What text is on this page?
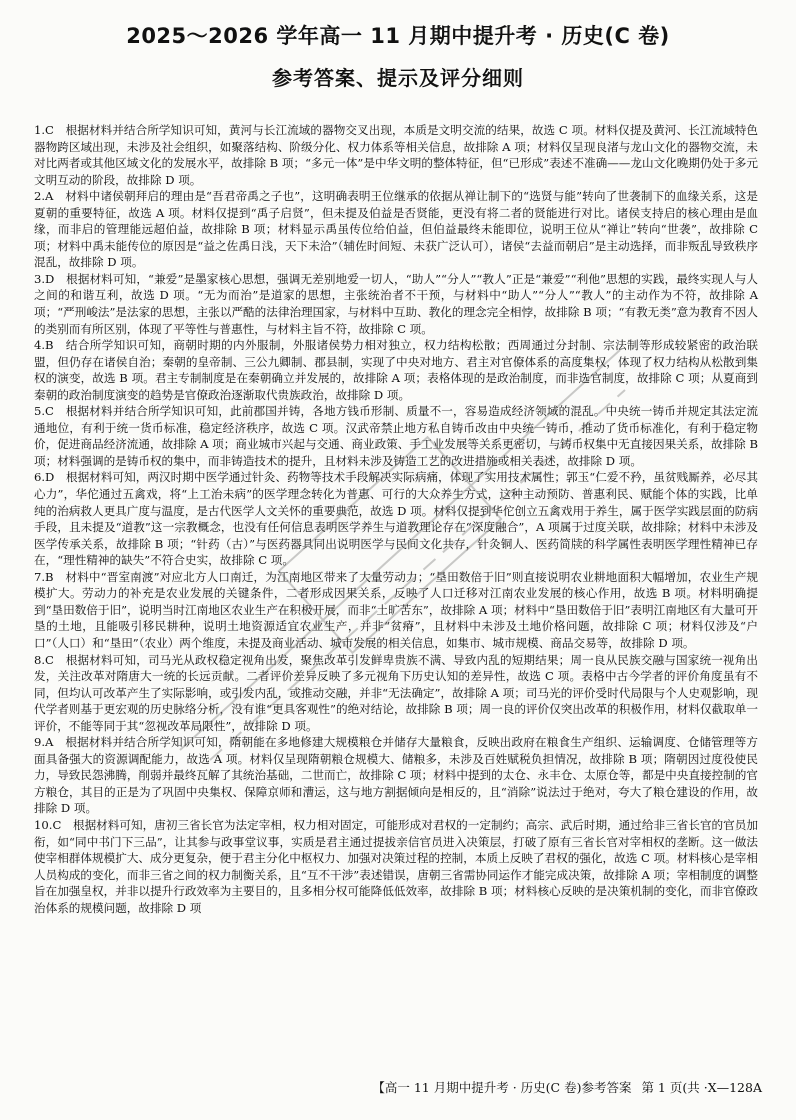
2025～2026 学年高一 11 月期中提升考 · 历史(C 卷)
参考答案、提示及评分细则

1.C　 根据材料并结合所学知识可知，黄河与长江流域的器物交叉出现，本质是文明交流的结果，故选 C 项。材料仅提及黄河、长江流域特色器物跨区域出现，未涉及社会组织，如聚落结构、阶级分化、权力体系等相关信息，故排除 A 项；材料仅呈现良渚与龙山文化的器物交流，未对比两者或其他区域文化的发展水平，故排除 B 项；“多元一体”是中华文明的整体特征，但“已形成”表述不准确——龙山文化晚期仍处于多元文明互动的阶段，故排除 D 项。

2.A　 材料中诸侯朝拜启的理由是“吾君帝禹之子也”，这明确表明王位继承的依据从禅让制下的“选贤与能”转向了世袭制下的血缘关系，这是夏朝的重要特征，故选 A 项。材料仅提到“禹子启贤”，但未提及伯益是否贤能，更没有将二者的贤能进行对比。诸侯支持启的核心理由是血缘，而非启的管理能远超伯益，故排除 B 项；材料显示禹虽传位给伯益，但伯益最终未能即位，说明王位从“禅让”转向“世袭”，故排除 C 项；材料中禹未能传位的原因是“益之佐禹日浅，天下未洽”（辅佐时间短、未获广泛认可），诸侯“去益而朝启”是主动选择，而非叛乱导致秩序混乱，故排除 D 项。

3.D　 根据材料可知，“兼爱”是墨家核心思想，强调无差别地爱一切人，“助人”“分人”“教人”正是“兼爱”“利他”思想的实践，最终实现人与人之间的和谐互利，故选 D 项。“无为而治”是道家的思想，主张统治者不干预，与材料中“助人”“分人”“教人”的主动作为不符，故排除 A 项；“严刑峻法”是法家的思想，主张以严酷的法律治理国家，与材料中互助、教化的理念完全相悖，故排除 B 项；“有教无类”意为教育不因人的类别而有所区别，体现了平等性与普惠性，与材料主旨不符，故排除 C 项。

4.B　 结合所学知识可知，商朝时期的内外服制，外服诸侯势力相对独立，权力结构松散；西周通过分封制、宗法制等形成较紧密的政治联盟，但仍存在诸侯自治；秦朝的皇帝制、三公九卿制、郡县制，实现了中央对地方、君主对官僚体系的高度集权，体现了权力结构从松散到集权的演变，故选 B 项。君主专制制度是在秦朝确立并发展的，故排除 A 项；表格体现的是政治制度，而非选官制度，故排除 C 项；从夏商到秦朝的政治制度演变的趋势是官僚政治逐渐取代贵族政治，故排除 D 项。

5.C　 根据材料并结合所学知识可知，此前郡国并铸，各地方钱币形制、质量不一，容易造成经济领域的混乱。中央统一铸币并规定其法定流通地位，有利于统一货币标准，稳定经济秩序，故选 C 项。汉武帝禁止地方私自铸币改由中央统一铸币，推动了货币标准化，有利于稳定物价，促进商品经济流通，故排除 A 项；商业城市兴起与交通、商业政策、手工业发展等关系更密切，与铸币权集中无直接因果关系，故排除 B 项；材料强调的是铸币权的集中，而非铸造技术的提升，且材料未涉及铸造工艺的改进措施或相关表述，故排除 D 项。

6.D　 根据材料可知，两汉时期中医学通过针灸、药物等技术手段解决实际病痛，体现了实用技术属性；郭玉“仁爱不矜，虽贫贱厮养，必尽其心力”，华佗通过五禽戏，将“上工治未病”的医学理念转化为普惠、可行的大众养生方式，这种主动预防、普惠利民、赋能个体的实践，比单纯的治病救人更具广度与温度，是古代医学人文关怀的重要典范，故选 D 项。材料仅提到华佗创立五禽戏用于养生，属于医学实践层面的防病手段，且未提及“道教”这一宗教概念，也没有任何信息表明医学养生与道教理论存在“深度融合”，A 项属于过度关联，故排除；材料中未涉及医学传承关系，故排除 B 项；“针药（古）”与医药器具同出说明医学与民间文化共存，针灸铜人、医药简牍的科学属性表明医学理性精神已存在，“理性精神的缺失”不符合史实，故排除 C 项。

7.B　 材料中“晋室南渡”对应北方人口南迁，为江南地区带来了大量劳动力；“垦田数倍于旧”则直接说明农业耕地面积大幅增加，农业生产规模扩大。劳动力的补充是农业发展的关键条件，二者形成因果关系，反映了人口迁移对江南农业发展的核心作用，故选 B 项。材料明确提到“垦田数倍于旧”，说明当时江南地区农业生产在积极开展，而非“土旷苦东”，故排除 A 项；材料中“垦田数倍于旧”表明江南地区有大量可开垦的土地，且能吸引移民耕种，说明土地资源适宜农业生产，并非“贫瘠”，且材料中未涉及土地价格问题，故排除 C 项；材料仅涉及“户口”（人口）和“垦田”（农业）两个维度，未提及商业活动、城市发展的相关信息，如集市、城市规模、商品交易等，故排除 D 项。

8.C　 根据材料可知，司马光从政权稳定视角出发，聚焦改革引发鲜卑贵族不满、导致内乱的短期结果；周一良从民族交融与国家统一视角出发，关注改革对隋唐大一统的长远贡献。二者评价差异反映了多元视角下历史认知的差异性，故选 C 项。表格中古今学者的评价角度虽有不同，但均认可改革产生了实际影响，或引发内乱，或推动交融，并非“无法确定”，故排除 A 项；司马光的评价受时代局限与个人史观影响，现代学者则基于更宏观的历史脉络分析，没有谁“更具客观性”的绝对结论，故排除 B 项；周一良的评价仅突出改革的积极作用，材料仅截取单一评价，不能等同于其“忽视改革局限性”，故排除 D 项。

9.A　 根据材料并结合所学知识可知，隋朝能在多地修建大规模粮仓并储存大量粮食，反映出政府在粮食生产组织、运输调度、仓储管理等方面具备强大的资源调配能力，故选 A 项。材料仅呈现隋朝粮仓规模大、储粮多，未涉及百姓赋税负担情况，故排除 B 项；隋朝因过度役使民力，导致民怨沸腾，削弱并最终瓦解了其统治基础，二世而亡，故排除 C 项；材料中提到的太仓、永丰仓、太原仓等，都是中央直接控制的官方粮仓，其目的正是为了巩固中央集权、保障京师和漕运，这与地方割据倾向是相反的，且“消除”说法过于绝对，夸大了粮仓建设的作用，故排除 D 项。

10.C　 根据材料可知，唐初三省长官为法定宰相，权力相对固定，可能形成对君权的一定制约；高宗、武后时期，通过给非三省长官的官员加衔，如“同中书门下三品”，让其参与政事堂议事，实质是君主通过提拔亲信官员进入决策层，打破了原有三省长官对宰相权的垄断。这一做法使宰相群体规模扩大、成分更复杂，便于君主分化中枢权力、加强对决策过程的控制，本质上反映了君权的强化，故选 C 项。材料核心是宰相人员构成的变化，而非三省之间的权力制衡关系，且“互不干涉”表述错误，唐朝三省需协同运作才能完成决策，故排除 A 项；宰相制度的调整旨在加强皇权，并非以提升行政效率为主要目的，且多相分权可能降低低效率，故排除 B 项；材料核心反映的是决策机制的变化，而非官僚政治体系的规模问题，故排除 D 项

【高一 11 月期中提升考 · 历史(C 卷)参考答案 第 1 页(共 ·X—128A
